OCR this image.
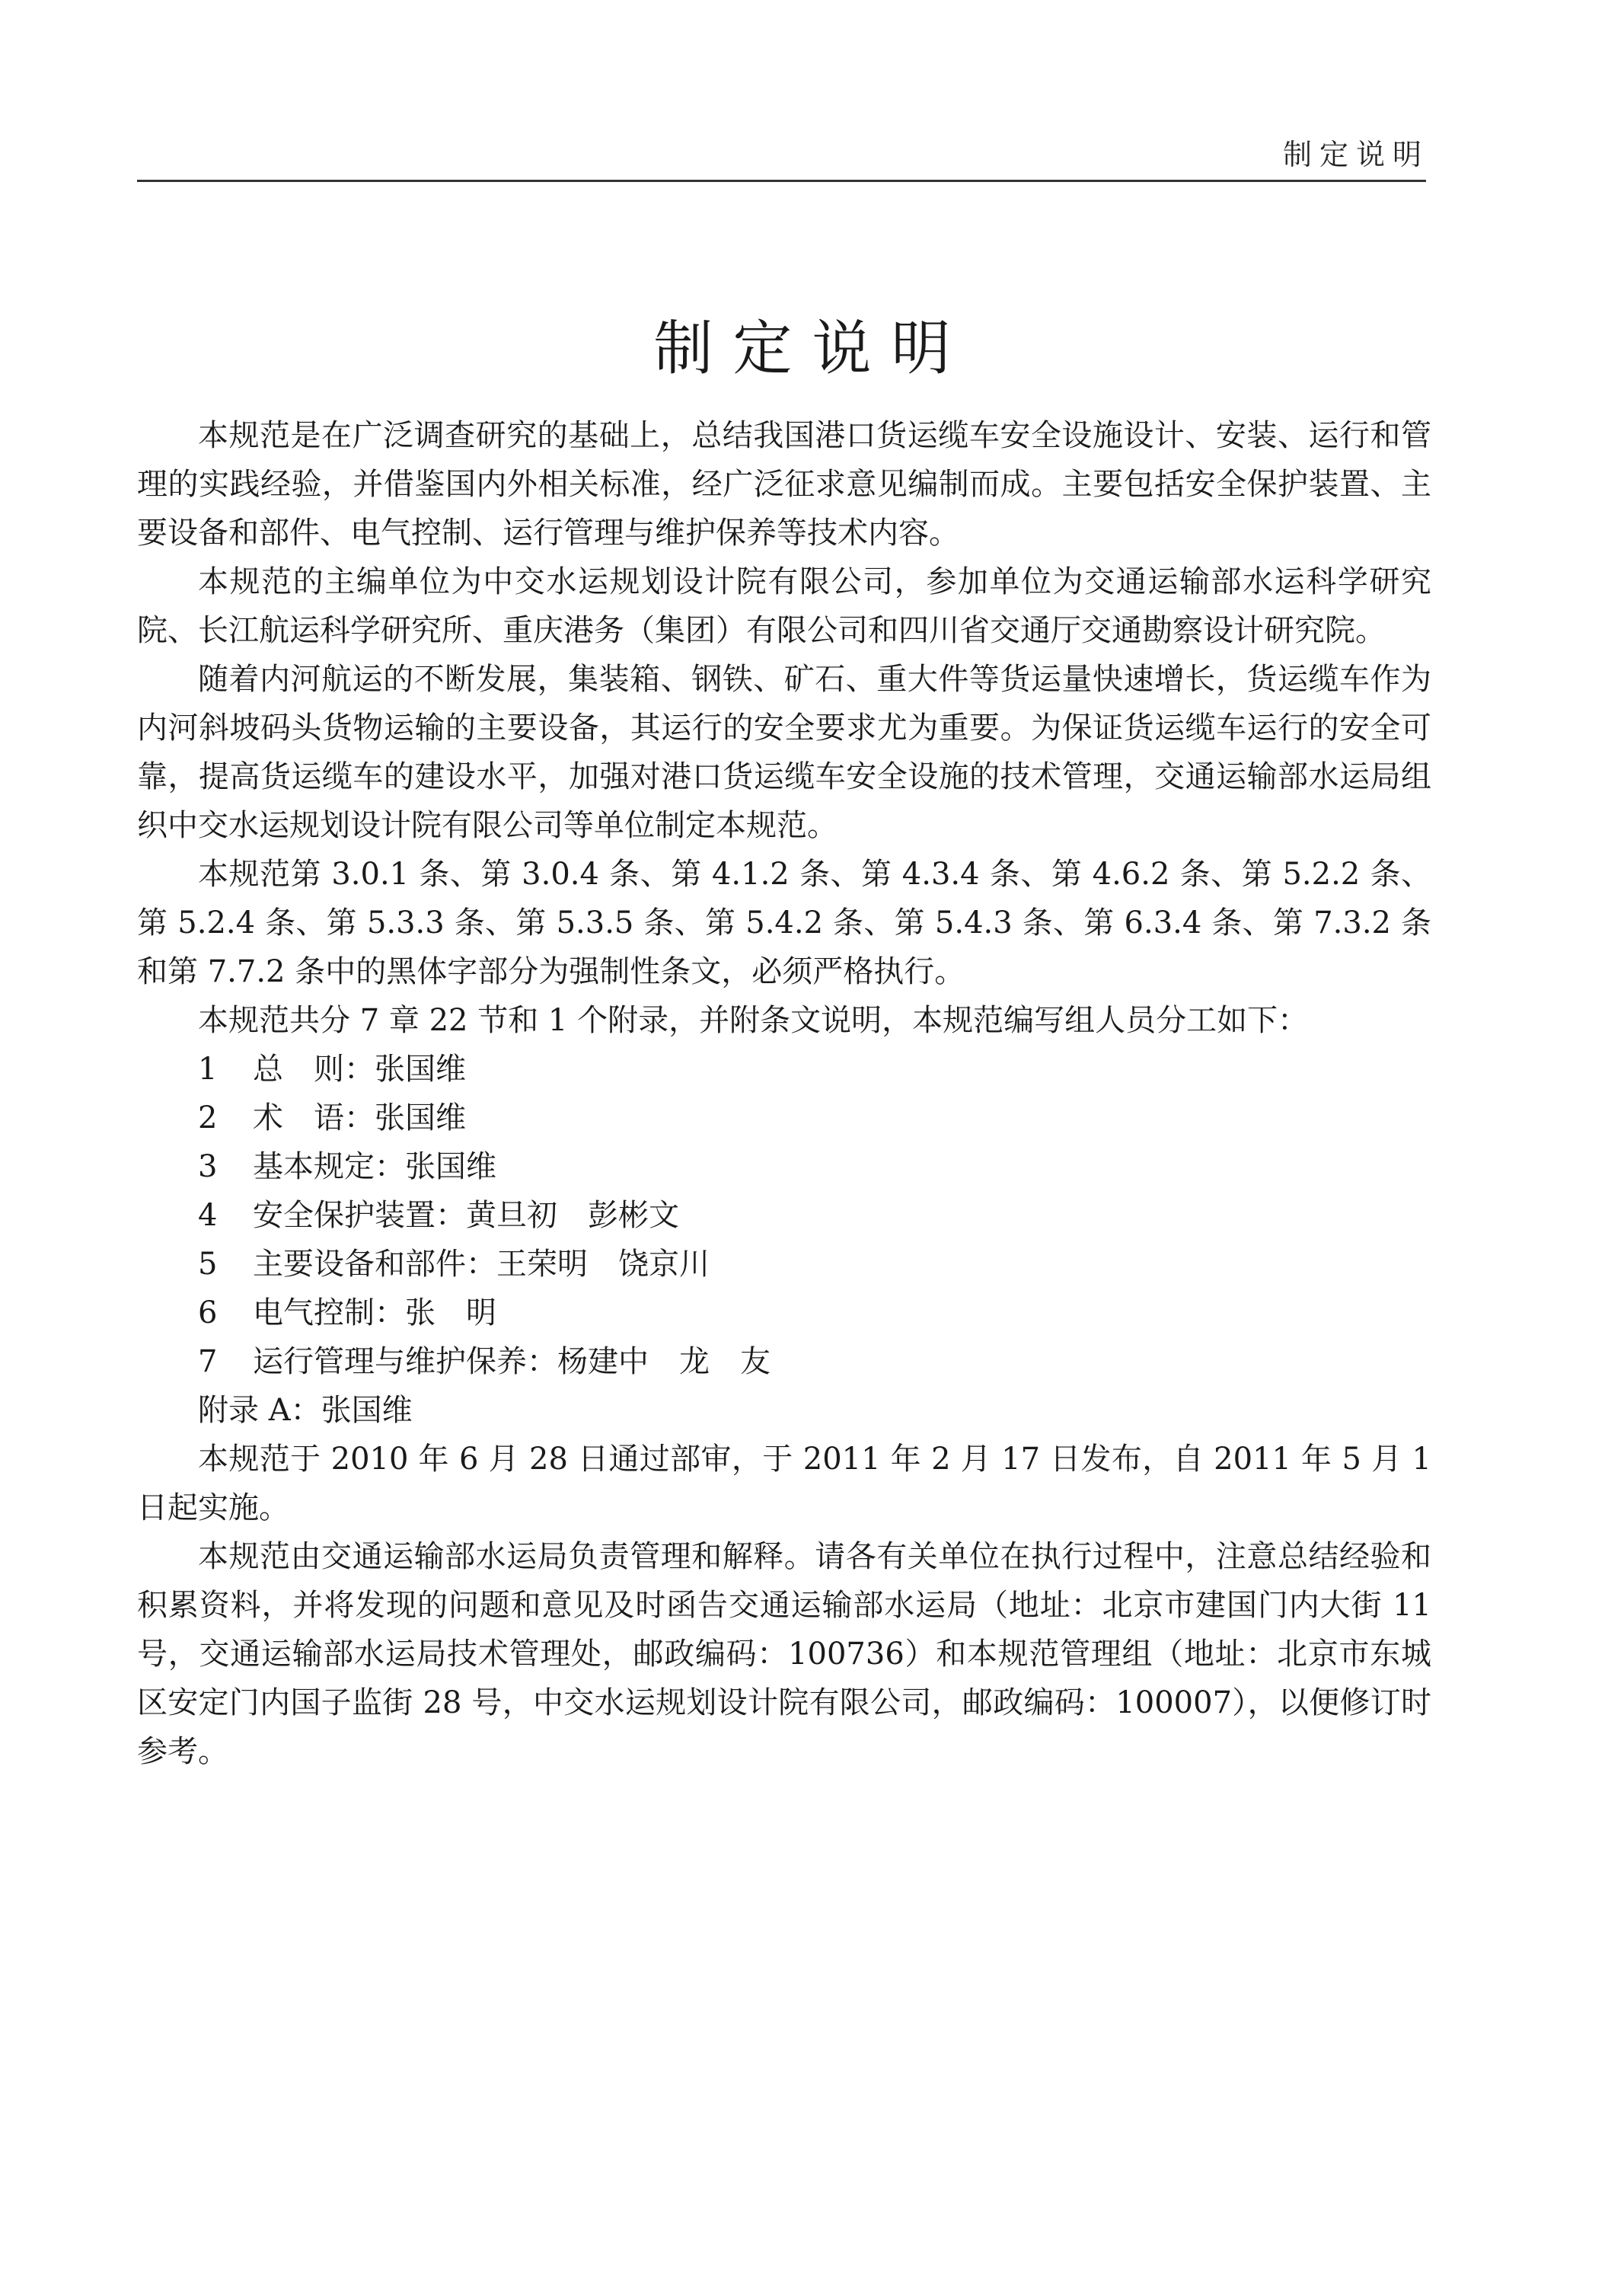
制定说明
制定说明

本规范是在广泛调查研究的基础上，总结我国港口货运缆车安全设施设计、安装、运行和管理的实践经验，并借鉴国内外相关标准，经广泛征求意见编制而成。主要包括安全保护装置、主要设备和部件、电气控制、运行管理与维护保养等技术内容。

本规范的主编单位为中交水运规划设计院有限公司，参加单位为交通运输部水运科学研究院、长江航运科学研究所、重庆港务（集团）有限公司和四川省交通厅交通勘察设计研究院。

随着内河航运的不断发展，集装箱、钢铁、矿石、重大件等货运量快速增长，货运缆车作为内河斜坡码头货物运输的主要设备，其运行的安全要求尤为重要。为保证货运缆车运行的安全可靠，提高货运缆车的建设水平，加强对港口货运缆车安全设施的技术管理，交通运输部水运局组织中交水运规划设计院有限公司等单位制定本规范。

本规范第 3.0.1 条、第 3.0.4 条、第 4.1.2 条、第 4.3.4 条、第 4.6.2 条、第 5.2.2 条、第 5.2.4 条、第 5.3.3 条、第 5.3.5 条、第 5.4.2 条、第 5.4.3 条、第 6.3.4 条、第 7.3.2 条和第 7.7.2 条中的黑体字部分为强制性条文，必须严格执行。

本规范共分 7 章 22 节和 1 个附录，并附条文说明，本规范编写组人员分工如下：

1 总　则：张国维
2 术　语：张国维
3 基本规定：张国维
4 安全保护装置：黄旦初　彭彬文
5 主要设备和部件：王荣明　饶京川
6 电气控制：张　明
7 运行管理与维护保养：杨建中　龙　友
附录 A：张国维

本规范于 2010 年 6 月 28 日通过部审，于 2011 年 2 月 17 日发布，自 2011 年 5 月 1 日起实施。

本规范由交通运输部水运局负责管理和解释。请各有关单位在执行过程中，注意总结经验和积累资料，并将发现的问题和意见及时函告交通运输部水运局（地址：北京市建国门内大街 11 号，交通运输部水运局技术管理处，邮政编码：100736）和本规范管理组（地址：北京市东城区安定门内国子监街 28 号，中交水运规划设计院有限公司，邮政编码：100007），以便修订时参考。
